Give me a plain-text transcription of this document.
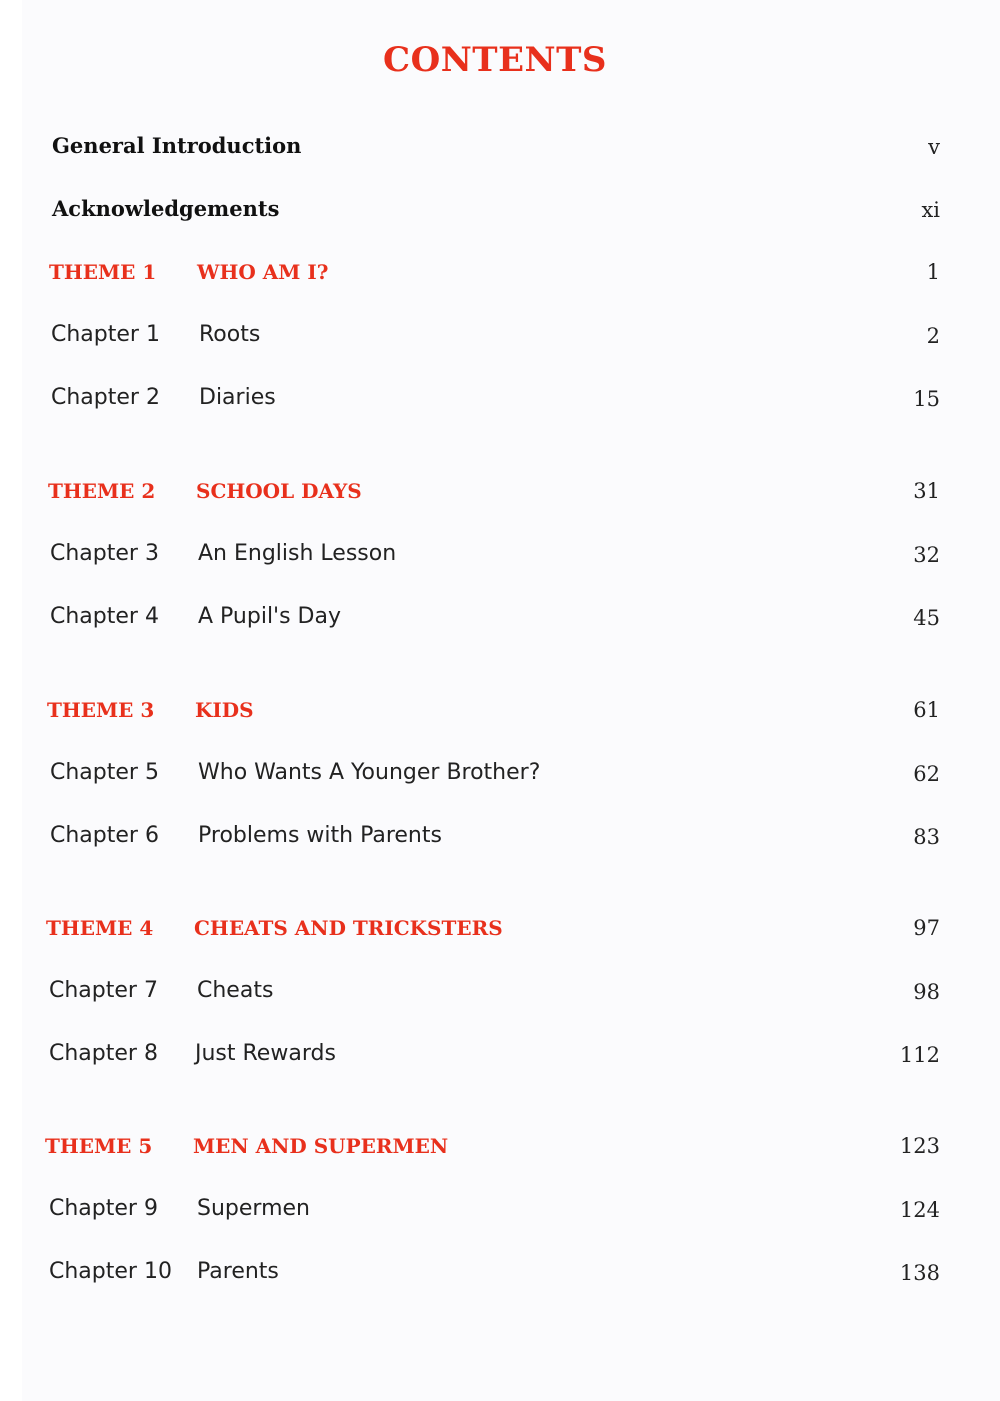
CONTENTS
General Introduction	v
Acknowledgements	xi
THEME 1 WHO AM I?	1
Chapter 1 Roots	2
Chapter 2 Diaries	15
THEME 2 SCHOOL DAYS	31
Chapter 3 An English Lesson	32
Chapter 4 A Pupil's Day	45
THEME 3 KIDS	61
Chapter 5 Who Wants A Younger Brother?	62
Chapter 6 Problems with Parents	83
THEME 4 CHEATS AND TRICKSTERS	97
Chapter 7 Cheats	98
Chapter 8 Just Rewards	112
THEME 5 MEN AND SUPERMEN	123
Chapter 9 Supermen	124
Chapter 10 Parents	138
